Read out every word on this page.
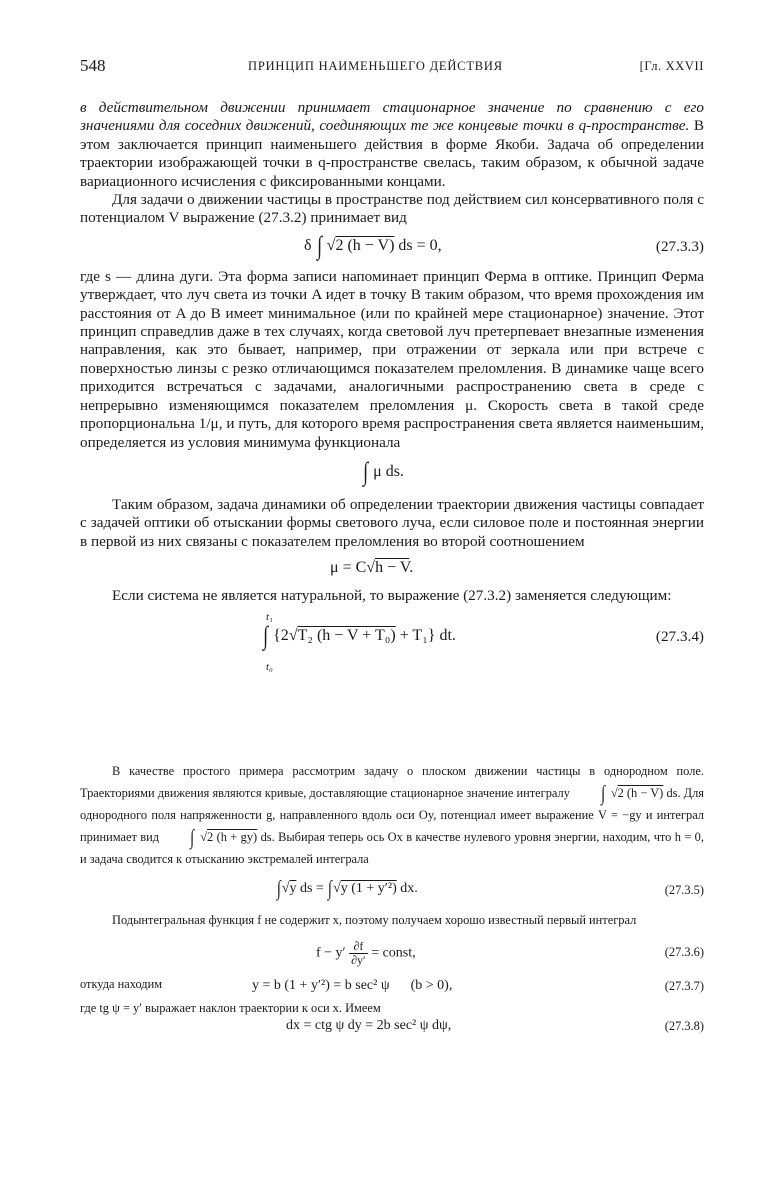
548	ПРИНЦИП НАИМЕНЬШЕГО ДЕЙСТВИЯ	[Гл. XXVII

в действительном движении принимает стационарное значение по сравнению с его значениями для соседних движений, соединяющих те же концевые точки в q-пространстве. В этом заключается принцип наименьшего действия в форме Якоби. Задача об определении траектории изображающей точки в q-пространстве свелась, таким образом, к обычной задаче вариационного исчисления с фиксированными концами.

Для задачи о движении частицы в пространстве под действием сил консервативного поля с потенциалом V выражение (27.3.2) принимает вид

δ ∫ √2 (h − V) ds = 0,	(27.3.3)

где s — длина дуги. Эта форма записи напоминает принцип Ферма в оптике. Принцип Ферма утверждает, что луч света из точки A идет в точку B таким образом, что время прохождения им расстояния от A до B имеет минимальное (или по крайней мере стационарное) значение. Этот принцип справедлив даже в тех случаях, когда световой луч претерпевает внезапные изменения направления, как это бывает, например, при отражении от зеркала или при встрече с поверхностью линзы с резко отличающимся показателем преломления. В динамике чаще всего приходится встречаться с задачами, аналогичными распространению света в среде с непрерывно изменяющимся показателем преломления μ. Скорость света в такой среде пропорциональна 1/μ, и путь, для которого время распространения света является наименьшим, определяется из условия минимума функционала

∫ μ ds.

Таким образом, задача динамики об определении траектории движения частицы совпадает с задачей оптики об отыскании формы светового луча, если силовое поле и постоянная энергии в первой из них связаны с показателем преломления во второй соотношением

μ = C√h − V.

Если система не является натуральной, то выражение (27.3.2) заменяется следующим:

t₁
t₀
∫ {2√T₂ (h − V + T₀) + T₁} dt.	(27.3.4)

В качестве простого примера рассмотрим задачу о плоском движении частицы в однородном поле. Траекториями движения являются кривые, доставляющие стационарное значение интегралу ∫ √2 (h − V) ds. Для однородного поля напряженности g, направленного вдоль оси Oy, потенциал имеет выражение V = −gy и интеграл принимает вид ∫ √2 (h + gy) ds. Выбирая теперь ось Ox в качестве нулевого уровня энергии, находим, что h = 0, и задача сводится к отысканию экстремалей интеграла

∫√y ds = ∫√y (1 + y′²) dx.	(27.3.5)

Подынтегральная функция f не содержит x, поэтому получаем хорошо известный первый интеграл

$f - y' \frac{\partial f}{\partial y'}$ = const,	(27.3.6)

откуда находим	y = b (1 + y′²) = b sec² ψ      (b > 0),	(27.3.7)

где tg ψ = y′ выражает наклон траектории к оси x. Имеем

dx = ctg ψ dy = 2b sec² ψ dψ,	(27.3.8)
